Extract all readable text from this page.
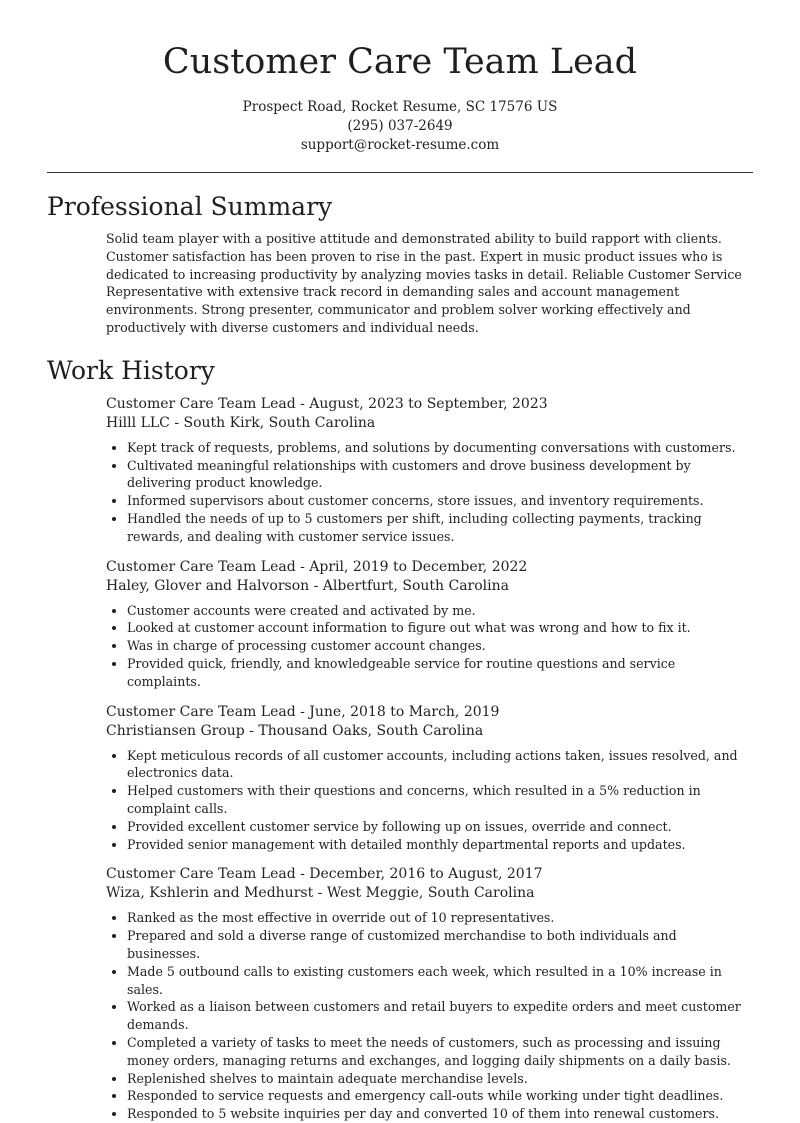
Customer Care Team Lead
Prospect Road, Rocket Resume, SC 17576 US
(295) 037-2649
support@rocket-resume.com
Professional Summary

Solid team player with a positive attitude and demonstrated ability to build rapport with clients. Customer satisfaction has been proven to rise in the past. Expert in music product issues who is dedicated to increasing productivity by analyzing movies tasks in detail. Reliable Customer Service Representative with extensive track record in demanding sales and account management environments. Strong presenter, communicator and problem solver working effectively and productively with diverse customers and individual needs.

Work History
Customer Care Team Lead - August, 2023 to September, 2023
Hilll LLC - South Kirk, South Carolina
• Kept track of requests, problems, and solutions by documenting conversations with customers.
• Cultivated meaningful relationships with customers and drove business development by delivering product knowledge.
• Informed supervisors about customer concerns, store issues, and inventory requirements.
• Handled the needs of up to 5 customers per shift, including collecting payments, tracking rewards, and dealing with customer service issues.
Customer Care Team Lead - April, 2019 to December, 2022
Haley, Glover and Halvorson - Albertfurt, South Carolina
• Customer accounts were created and activated by me.
• Looked at customer account information to figure out what was wrong and how to fix it.
• Was in charge of processing customer account changes.
• Provided quick, friendly, and knowledgeable service for routine questions and service complaints.
Customer Care Team Lead - June, 2018 to March, 2019
Christiansen Group - Thousand Oaks, South Carolina
• Kept meticulous records of all customer accounts, including actions taken, issues resolved, and electronics data.
• Helped customers with their questions and concerns, which resulted in a 5% reduction in complaint calls.
• Provided excellent customer service by following up on issues, override and connect.
• Provided senior management with detailed monthly departmental reports and updates.
Customer Care Team Lead - December, 2016 to August, 2017
Wiza, Kshlerin and Medhurst - West Meggie, South Carolina
• Ranked as the most effective in override out of 10 representatives.
• Prepared and sold a diverse range of customized merchandise to both individuals and businesses.
• Made 5 outbound calls to existing customers each week, which resulted in a 10% increase in sales.
• Worked as a liaison between customers and retail buyers to expedite orders and meet customer demands.
• Completed a variety of tasks to meet the needs of customers, such as processing and issuing money orders, managing returns and exchanges, and logging daily shipments on a daily basis.
• Replenished shelves to maintain adequate merchandise levels.
• Responded to service requests and emergency call-outs while working under tight deadlines.
• Responded to 5 website inquiries per day and converted 10 of them into renewal customers.
